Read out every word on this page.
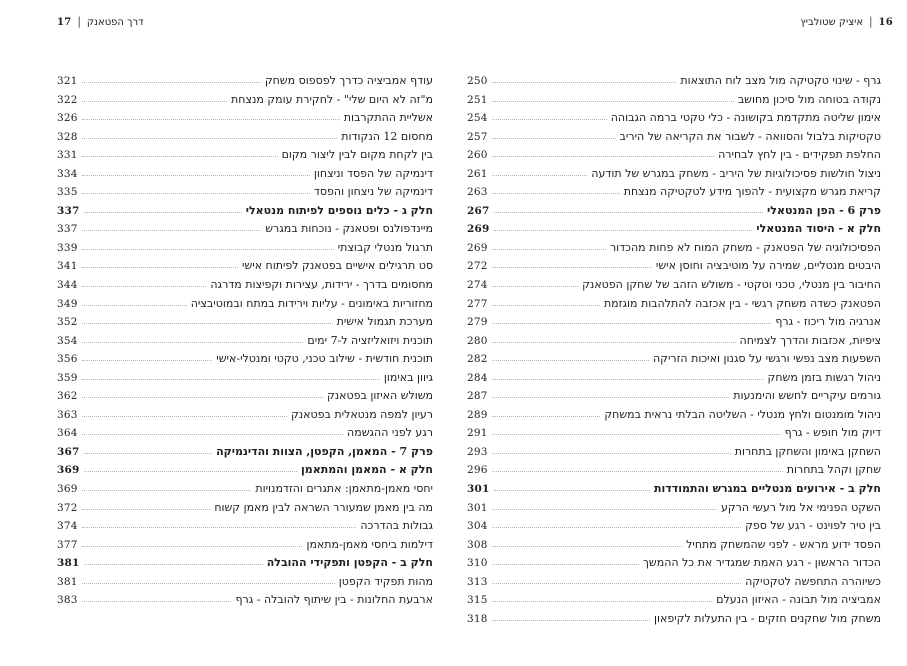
דרך הפטאנק|17
עודף אמביציה כדרך לפספוס משחק
321
מ"זה לא היום שלי" - לחקירת עומק מנצחת
322
אשליית ההתקרבות
326
מחסום 12 הנקודות
328
בין לקחת מקום לבין ליצור מקום
331
דינמיקה של הפסד וניצחון
334
דינמיקה של ניצחון והפסד
335
חלק ג - כלים נוספים לפיתוח מנטאלי
337
מיינדפולנס ופטאנק - נוכחות במגרש
337
תרגול מנטלי קבוצתי
339
סט תרגילים אישיים בפטאנק לפיתוח אישי
341
מחסומים בדרך - ירידות, עצירות וקפיצות מדרגה
344
מחזוריות באימונים - עליות וירידות במתח ובמוטיבציה
349
מערכת תגמול אישית
352
תוכנית ויזואליזציה ל-7 ימים
354
תוכנית חודשית - שילוב טכני, טקטי ומנטלי-אישי
356
גיוון באימון
359
משולש האיזון בפטאנק
362
רעיון למפה מנטאלית בפטאנק
363
רגע לפני ההגשמה
364
פרק 7 - המאמן, הקפטן, הצוות והדינמיקה
367
חלק א - המאמן והמתאמן
369
יחסי מאמן-מתאמן: אתגרים והזדמנויות
369
מה בין מאמן שמעורר השראה לבין מאמן קשוח
372
גבולות בהדרכה
374
דילמות ביחסי מאמן-מתאמן
377
חלק ב - הקפטן ותפקידי ההובלה
381
מהות תפקיד הקפטן
381
ארבעת החלונות - בין שיתוף להובלה - גרף
383
16|איציק שטולביץ
גרף - שינוי טקטיקה מול מצב לוח התוצאות
250
נקודה בטוחה מול סיכון מחושב
251
אימון שליטה מתקדמת בקושונה - כלי טקטי ברמה הגבוהה
254
טקטיקות בלבול והסוואה - לשבור את הקריאה של היריב
257
החלפת תפקידים - בין לחץ לבחירה
260
ניצול חולשות פסיכולוגיות של היריב - משחק במגרש של תודעה
261
קריאת מגרש מקצועית - להפוך מידע לטקטיקה מנצחת
263
פרק 6 - הפן המנטאלי
267
חלק א - היסוד המנטאלי
269
הפסיכולוגיה של הפטאנק - משחק המוח לא פחות מהכדור
269
היבטים מנטליים, שמירה על מוטיבציה וחוסן אישי
272
החיבור בין מנטלי, טכני וטקטי - משולש הזהב של שחקן הפטאנק
274
הפטאנק כשדה משחק רגשי - בין אכזבה להתלהבות מוגזמת
277
אנרגיה מול ריכוז - גרף
279
ציפיות, אכזבות והדרך לצמיחה
280
השפעות מצב נפשי ורגשי על סגנון ואיכות הזריקה
282
ניהול רגשות בזמן משחק
284
גורמים עיקריים לחשש והימנעות
287
ניהול מומנטום ולחץ מנטלי - השליטה הבלתי נראית במשחק
289
דיוק מול חופש - גרף
291
השחקן באימון והשחקן בתחרות
293
שחקן וקהל בתחרות
296
חלק ב - אירועים מנטליים במגרש והתמודדות
301
השקט הפנימי אל מול רעשי הרקע
301
בין טיר לפוינט - רגע של ספק
304
הפסד ידוע מראש - לפני שהמשחק מתחיל
308
הכדור הראשון - רגע האמת שמגדיר את כל ההמשך
310
כשיוהרה התחפשה לטקטיקה
313
אמביציה מול תבונה - האיזון הנעלם
315
משחק מול שחקנים חזקים - בין התעלות לקיפאון
318
